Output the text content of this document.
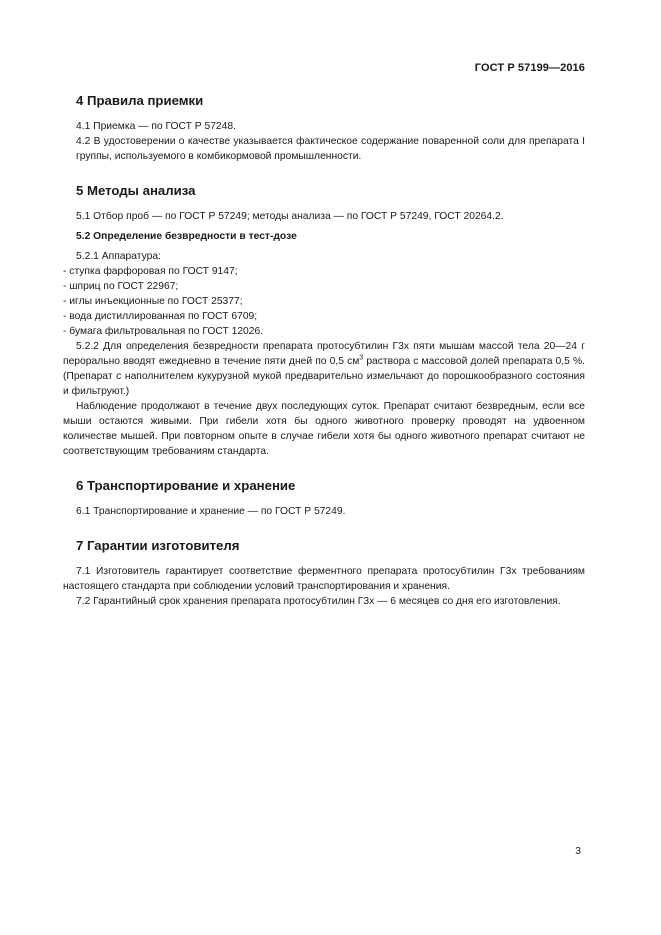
ГОСТ Р 57199—2016
4 Правила приемки

4.1 Приемка — по ГОСТ Р 57248.

4.2 В удостоверении о качестве указывается фактическое содержание поваренной соли для препарата I группы, используемого в комбикормовой промышленности.

5 Методы анализа

5.1 Отбор проб — по ГОСТ Р 57249; методы анализа — по ГОСТ Р 57249, ГОСТ 20264.2.

5.2 Определение безвредности в тест-дозе

5.2.1 Аппаратура:

- ступка фарфоровая по ГОСТ 9147;
- шприц по ГОСТ 22967;
- иглы инъекционные по ГОСТ 25377;
- вода дистиллированная по ГОСТ 6709;
- бумага фильтровальная по ГОСТ 12026.

5.2.2 Для определения безвредности препарата протосубтилин Г3х пяти мышам массой тела 20—24 г перорально вводят ежедневно в течение пяти дней по 0,5 $см^3$ раствора с массовой долей препарата 0,5 %. (Препарат с наполнителем кукурузной мукой предварительно измельчают до порошкообразного состояния и фильтруют.)

Наблюдение продолжают в течение двух последующих суток. Препарат считают безвредным, если все мыши остаются живыми. При гибели хотя бы одного животного проверку проводят на удвоенном количестве мышей. При повторном опыте в случае гибели хотя бы одного животного препарат считают не соответствующим требованиям стандарта.

6 Транспортирование и хранение

6.1 Транспортирование и хранение — по ГОСТ Р 57249.

7 Гарантии изготовителя

7.1 Изготовитель гарантирует соответствие ферментного препарата протосубтилин Г3х требованиям настоящего стандарта при соблюдении условий транспортирования и хранения.

7.2 Гарантийный срок хранения препарата протосубтилин Г3х — 6 месяцев со дня его изготовления.

3
